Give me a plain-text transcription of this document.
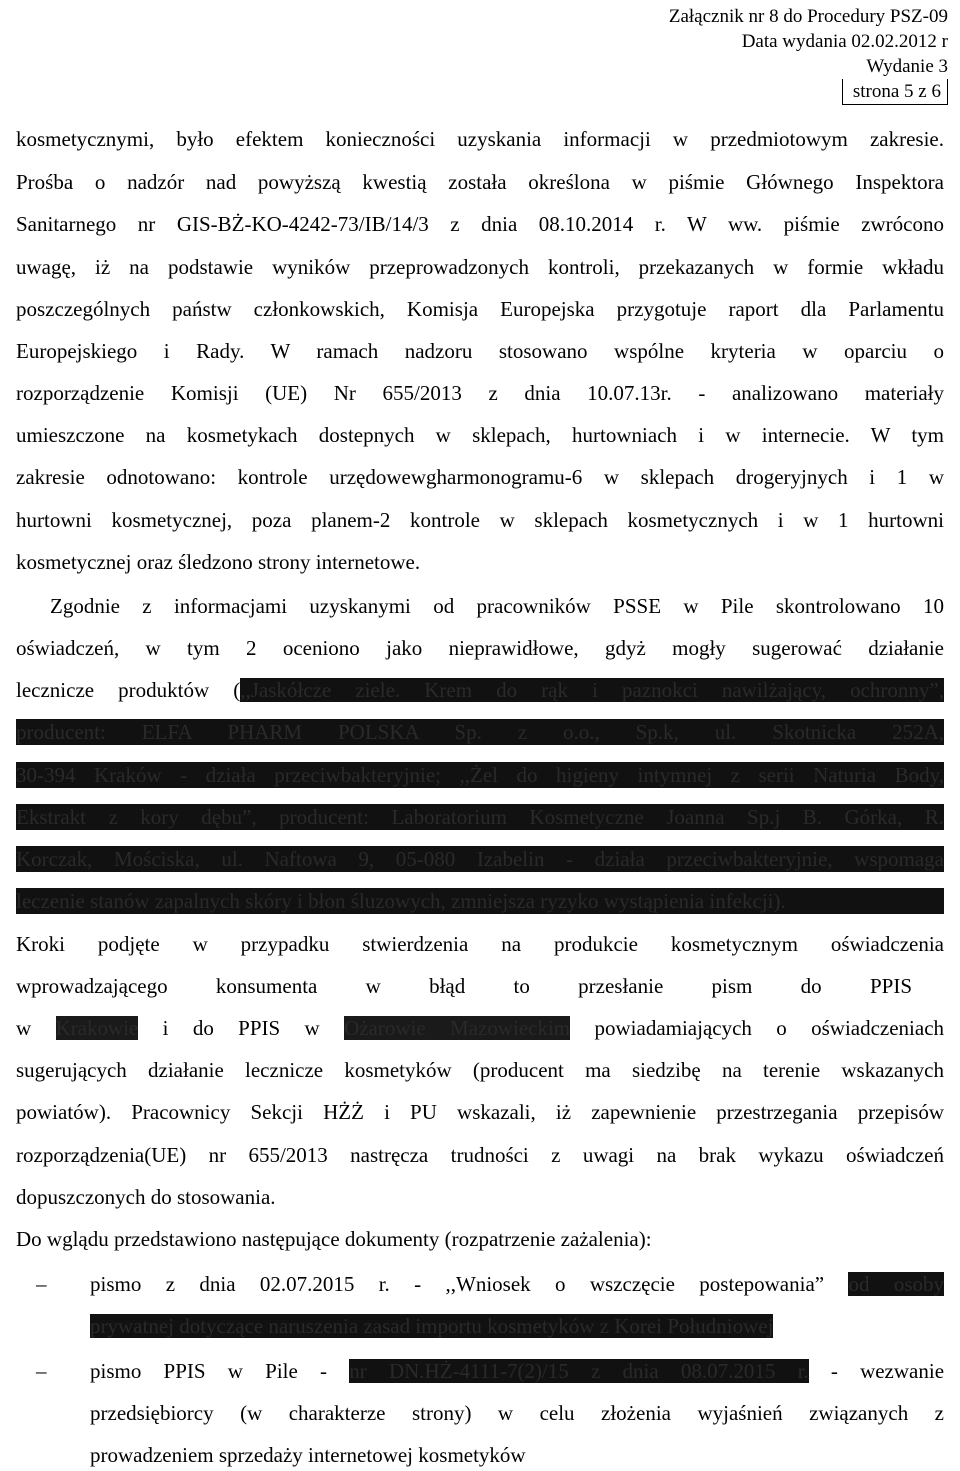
Załącznik nr 8 do Procedury PSZ-09
Data wydania 02.02.2012 r
Wydanie 3
strona 5 z 6
kosmetycznymi, było efektem konieczności uzyskania informacji w przedmiotowym zakresie.
Prośba o nadzór nad powyższą kwestią została określona w piśmie Głównego Inspektora
Sanitarnego nr GIS-BŻ-KO-4242-73/IB/14/3 z dnia 08.10.2014 r. W ww. piśmie zwrócono
uwagę, iż na podstawie wyników przeprowadzonych kontroli, przekazanych w formie wkładu
poszczególnych państw członkowskich, Komisja Europejska przygotuje raport dla Parlamentu
Europejskiego i Rady. W ramach nadzoru stosowano wspólne kryteria w oparciu o
rozporządzenie Komisji (UE) Nr 655/2013 z dnia 10.07.13r. - analizowano materiały
umieszczone na kosmetykach dostepnych w sklepach, hurtowniach i w internecie. W tym
zakresie odnotowano: kontrole urzędowewgharmonogramu-6 w sklepach drogeryjnych i 1 w
hurtowni kosmetycznej, poza planem-2 kontrole w sklepach kosmetycznych i w 1 hurtowni
kosmetycznej oraz śledzono strony internetowe.
Zgodnie z informacjami uzyskanymi od pracowników PSSE w Pile skontrolowano 10
oświadczeń, w tym 2 oceniono jako nieprawidłowe, gdyż mogły sugerować działanie
lecznicze produktów (,,Jaskółcze ziele. Krem do rąk i paznokci nawilżający, ochronny”,
producent: ELFA PHARM POLSKA Sp. z o.o., Sp.k, ul. Skotnicka 252A,
30-394 Kraków - działa przeciwbakteryjnie; ,,Żel do higieny intymnej z serii Naturia Body,
Ekstrakt z kory dębu”, producent: Laboratorium Kosmetyczne Joanna Sp.j B. Górka, R.
Korczak, Mościska, ul. Naftowa 9, 05-080 Izabelin - działa przeciwbakteryjnie, wspomaga
leczenie stanów zapalnych skóry i błon śluzowych, zmniejsza ryzyko wystąpienia infekcji).
Kroki podjęte w przypadku stwierdzenia na produkcie kosmetycznym oświadczenia
wprowadzającego konsumenta w błąd to przesłanie pism do PPIS
w Krakowie i do PPIS w Ożarowie Mazowieckim powiadamiających o oświadczeniach
sugerujących działanie lecznicze kosmetyków (producent ma siedzibę na terenie wskazanych
powiatów). Pracownicy Sekcji HŻŻ i PU wskazali, iż zapewnienie przestrzegania przepisów
rozporządzenia(UE) nr 655/2013 nastręcza trudności z uwagi na brak wykazu oświadczeń
dopuszczonych do stosowania.
Do wglądu przedstawiono następujące dokumenty (rozpatrzenie zażalenia):
– pismo z dnia 02.07.2015 r. - ,,Wniosek o wszczęcie postepowania” od osoby
prywatnej dotyczące naruszenia zasad importu kosmetyków z Korei Południowej
– pismo PPIS w Pile - nr DN.HŻ-4111-7(2)/15 z dnia 08.07.2015 r. - wezwanie
przedsiębiorcy (w charakterze strony) w celu złożenia wyjaśnień związanych z
prowadzeniem sprzedaży internetowej kosmetyków
